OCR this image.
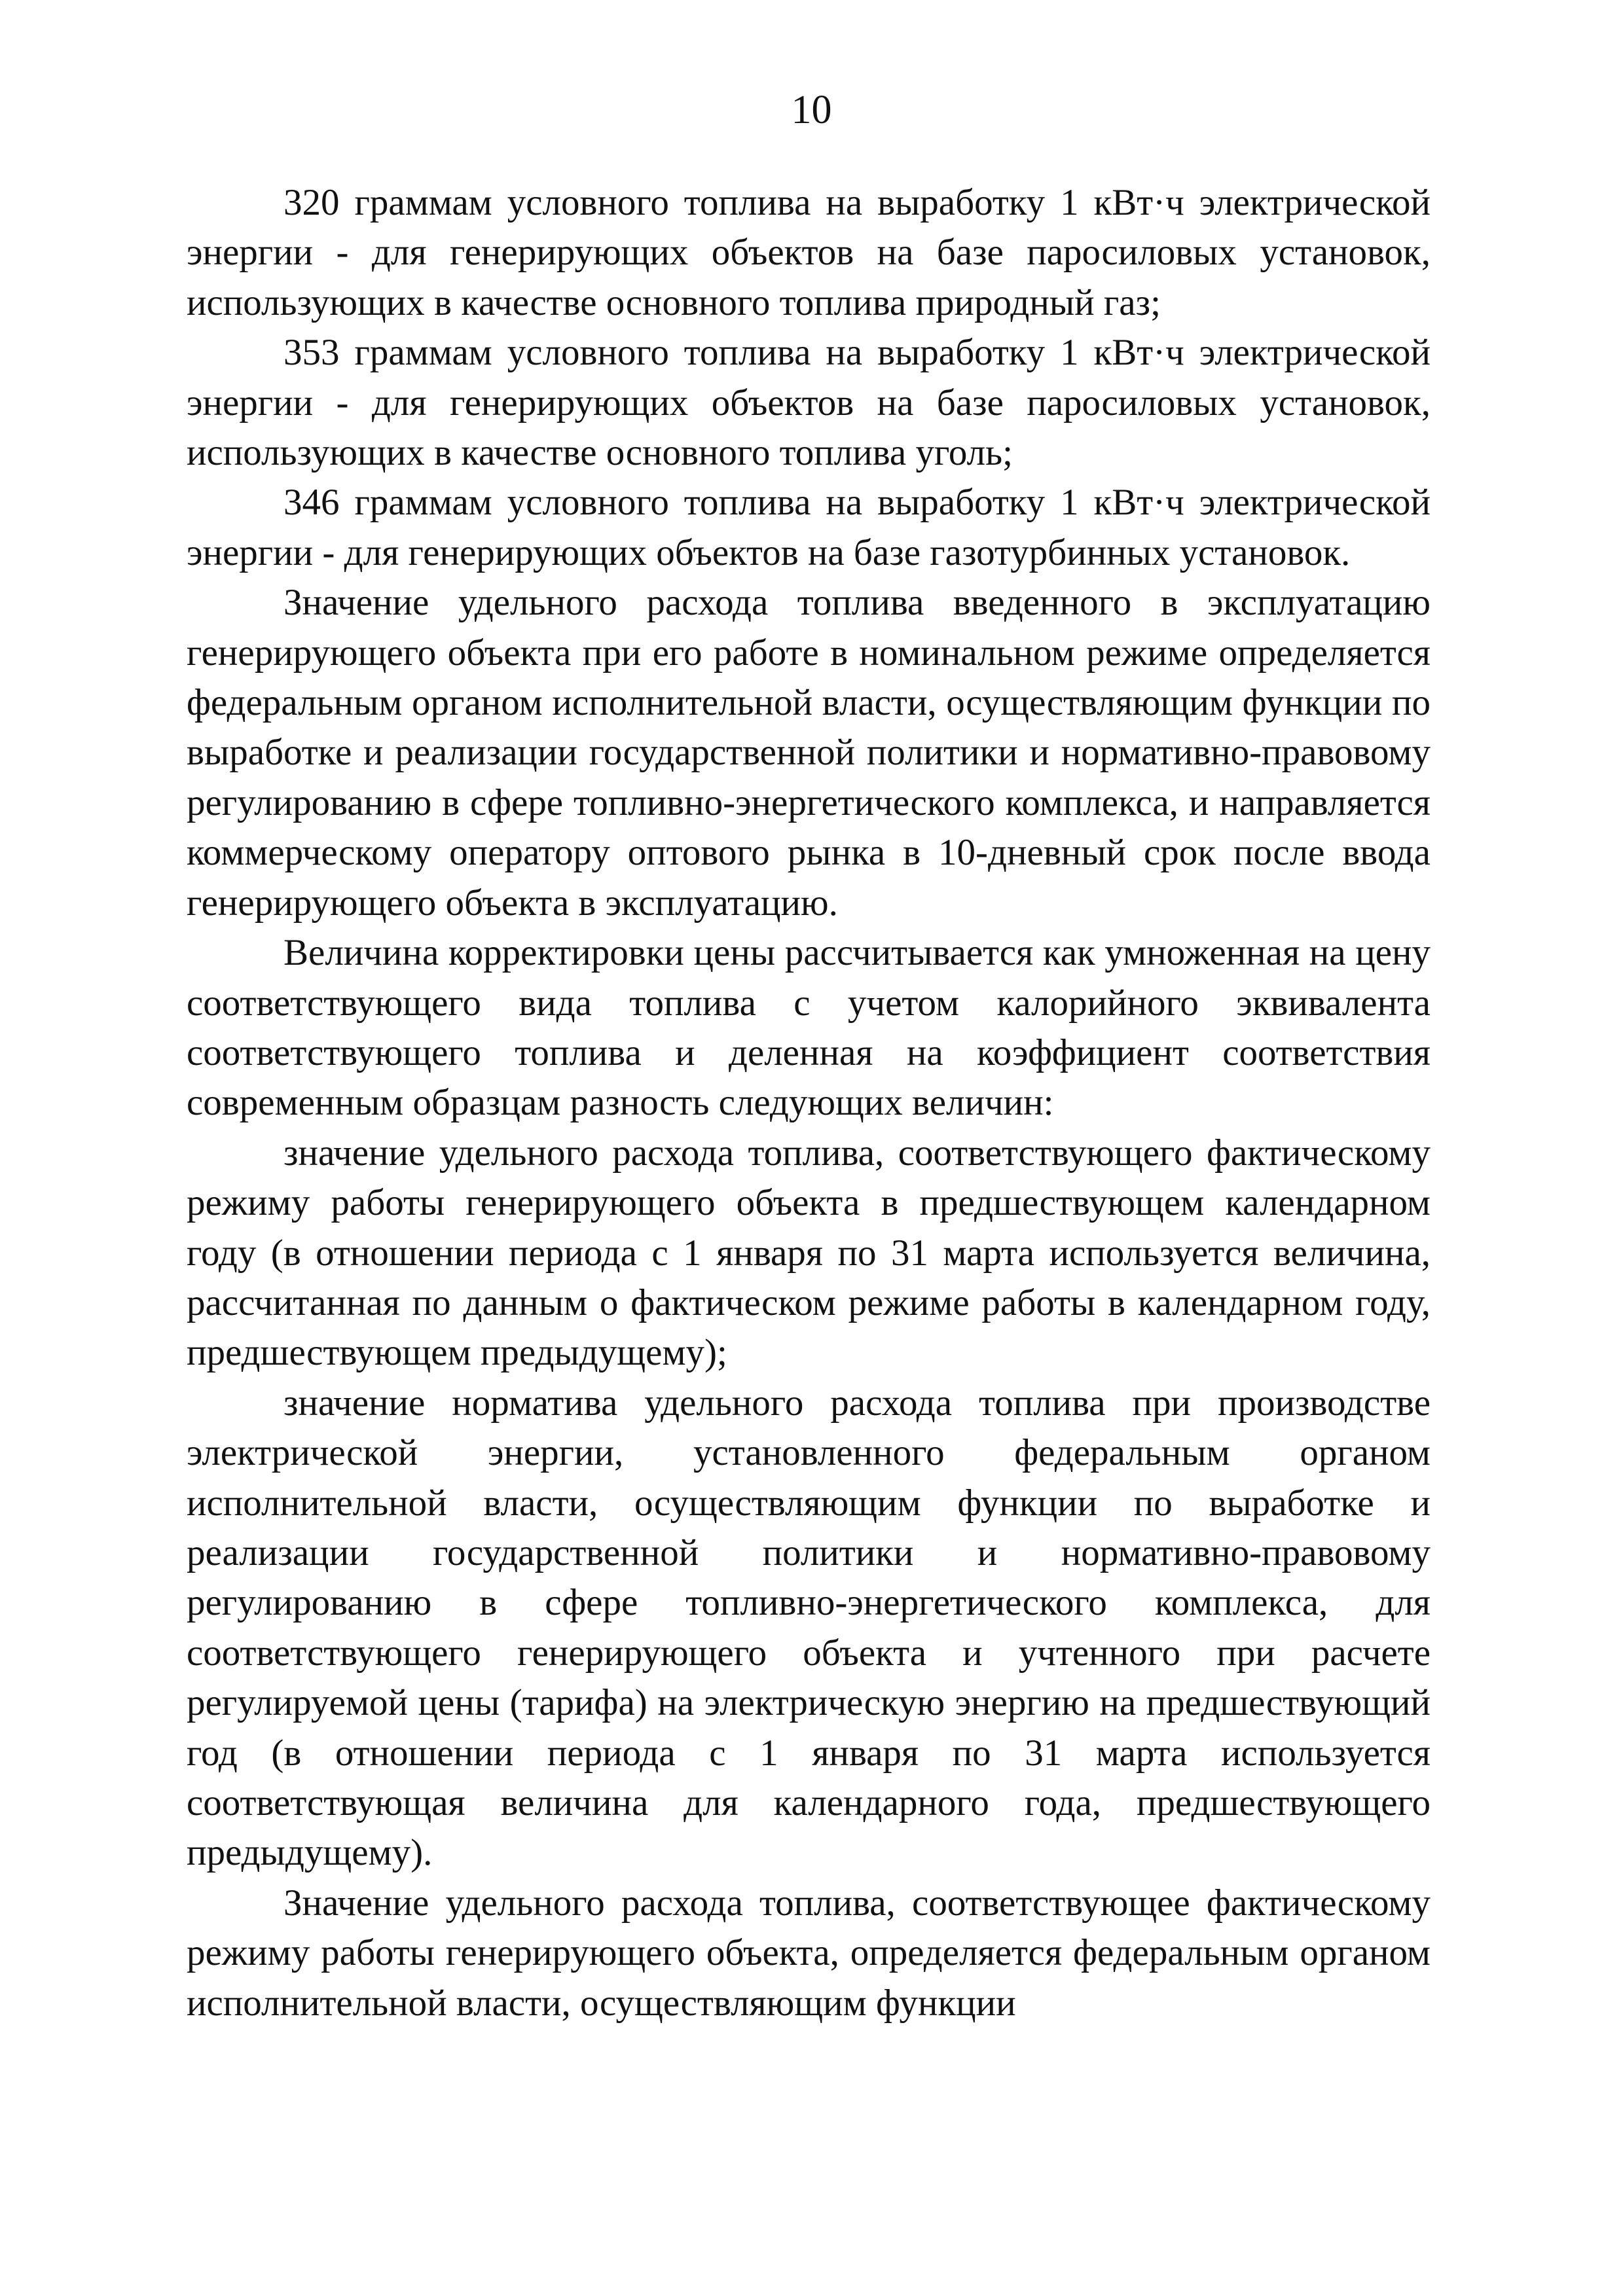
10

320 граммам условного топлива на выработку 1 кВт·ч электрической энергии - для генерирующих объектов на базе паросиловых установок, использующих в качестве основного топлива природный газ;

353 граммам условного топлива на выработку 1 кВт·ч электрической энергии - для генерирующих объектов на базе паросиловых установок, использующих в качестве основного топлива уголь;

346 граммам условного топлива на выработку 1 кВт·ч электрической энергии - для генерирующих объектов на базе газотурбинных установок.

Значение удельного расхода топлива введенного в эксплуатацию генерирующего объекта при его работе в номинальном режиме определяется федеральным органом исполнительной власти, осуществляющим функции по выработке и реализации государственной политики и нормативно-правовому регулированию в сфере топливно-энергетического комплекса, и направляется коммерческому оператору оптового рынка в 10-дневный срок после ввода генерирующего объекта в эксплуатацию.

Величина корректировки цены рассчитывается как умноженная на цену соответствующего вида топлива с учетом калорийного эквивалента соответствующего топлива и деленная на коэффициент соответствия современным образцам разность следующих величин:

значение удельного расхода топлива, соответствующего фактическому режиму работы генерирующего объекта в предшествующем календарном году (в отношении периода с 1 января по 31 марта используется величина, рассчитанная по данным о фактическом режиме работы в календарном году, предшествующем предыдущему);

значение норматива удельного расхода топлива при производстве электрической энергии, установленного федеральным органом исполнительной власти, осуществляющим функции по выработке и реализации государственной политики и нормативно-правовому регулированию в сфере топливно-энергетического комплекса, для соответствующего генерирующего объекта и учтенного при расчете регулируемой цены (тарифа) на электрическую энергию на предшествующий год (в отношении периода с 1 января по 31 марта используется соответствующая величина для календарного года, предшествующего предыдущему).

Значение удельного расхода топлива, соответствующее фактическому режиму работы генерирующего объекта, определяется федеральным органом исполнительной власти, осуществляющим функции
